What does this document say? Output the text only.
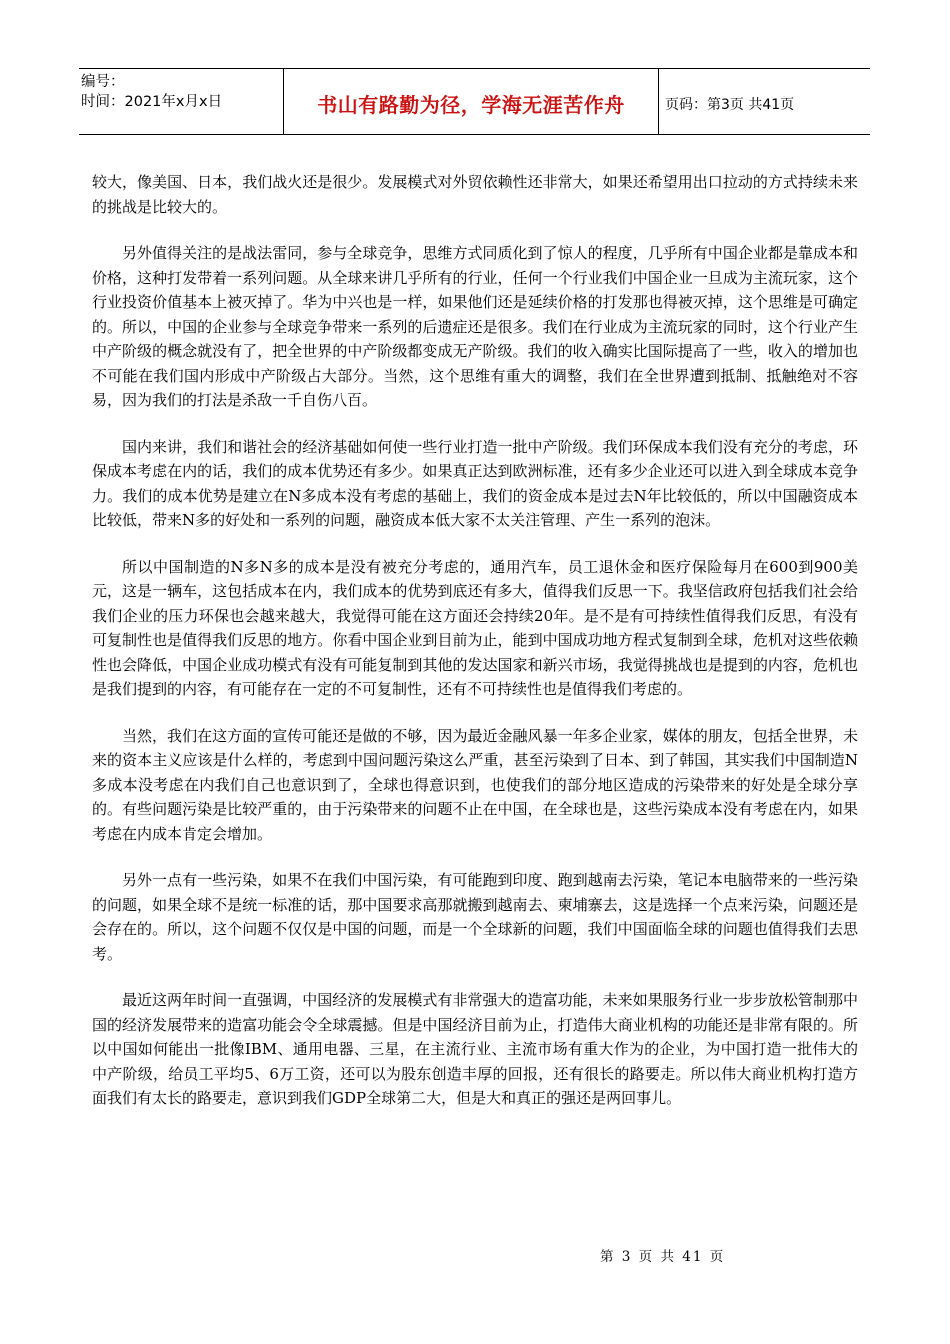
编号：
时间：2021年x月x日	书山有路勤为径，学海无涯苦作舟	页码：第3页 共41页

较大，像美国、日本，我们战火还是很少。发展模式对外贸依赖性还非常大，如果还希望用出口拉动的方式持续未来的挑战是比较大的。

另外值得关注的是战法雷同，参与全球竞争，思维方式同质化到了惊人的程度，几乎所有中国企业都是靠成本和价格，这种打发带着一系列问题。从全球来讲几乎所有的行业，任何一个行业我们中国企业一旦成为主流玩家，这个行业投资价值基本上被灭掉了。华为中兴也是一样，如果他们还是延续价格的打发那也得被灭掉，这个思维是可确定的。所以，中国的企业参与全球竞争带来一系列的后遗症还是很多。我们在行业成为主流玩家的同时，这个行业产生中产阶级的概念就没有了，把全世界的中产阶级都变成无产阶级。我们的收入确实比国际提高了一些，收入的增加也不可能在我们国内形成中产阶级占大部分。当然，这个思维有重大的调整，我们在全世界遭到抵制、抵触绝对不容易，因为我们的打法是杀敌一千自伤八百。

国内来讲，我们和谐社会的经济基础如何使一些行业打造一批中产阶级。我们环保成本我们没有充分的考虑，环保成本考虑在内的话，我们的成本优势还有多少。如果真正达到欧洲标准，还有多少企业还可以进入到全球成本竞争力。我们的成本优势是建立在N多成本没有考虑的基础上，我们的资金成本是过去N年比较低的，所以中国融资成本比较低，带来N多的好处和一系列的问题，融资成本低大家不太关注管理、产生一系列的泡沫。

所以中国制造的N多N多的成本是没有被充分考虑的，通用汽车，员工退休金和医疗保险每月在600到900美元，这是一辆车，这包括成本在内，我们成本的优势到底还有多大，值得我们反思一下。我坚信政府包括我们社会给我们企业的压力环保也会越来越大，我觉得可能在这方面还会持续20年。是不是有可持续性值得我们反思，有没有可复制性也是值得我们反思的地方。你看中国企业到目前为止，能到中国成功地方程式复制到全球，危机对这些依赖性也会降低，中国企业成功模式有没有可能复制到其他的发达国家和新兴市场，我觉得挑战也是提到的内容，危机也是我们提到的内容，有可能存在一定的不可复制性，还有不可持续性也是值得我们考虑的。

当然，我们在这方面的宣传可能还是做的不够，因为最近金融风暴一年多企业家，媒体的朋友，包括全世界，未来的资本主义应该是什么样的，考虑到中国问题污染这么严重，甚至污染到了日本、到了韩国，其实我们中国制造N多成本没考虑在内我们自己也意识到了，全球也得意识到，也使我们的部分地区造成的污染带来的好处是全球分享的。有些问题污染是比较严重的，由于污染带来的问题不止在中国，在全球也是，这些污染成本没有考虑在内，如果考虑在内成本肯定会增加。

另外一点有一些污染，如果不在我们中国污染，有可能跑到印度、跑到越南去污染，笔记本电脑带来的一些污染的问题，如果全球不是统一标准的话，那中国要求高那就搬到越南去、柬埔寨去，这是选择一个点来污染，问题还是会存在的。所以，这个问题不仅仅是中国的问题，而是一个全球新的问题，我们中国面临全球的问题也值得我们去思考。

最近这两年时间一直强调，中国经济的发展模式有非常强大的造富功能，未来如果服务行业一步步放松管制那中国的经济发展带来的造富功能会令全球震撼。但是中国经济目前为止，打造伟大商业机构的功能还是非常有限的。所以中国如何能出一批像IBM、通用电器、三星，在主流行业、主流市场有重大作为的企业，为中国打造一批伟大的中产阶级，给员工平均5、6万工资，还可以为股东创造丰厚的回报，还有很长的路要走。所以伟大商业机构打造方面我们有太长的路要走，意识到我们GDP全球第二大，但是大和真正的强还是两回事儿。

第 3 页 共 41 页
